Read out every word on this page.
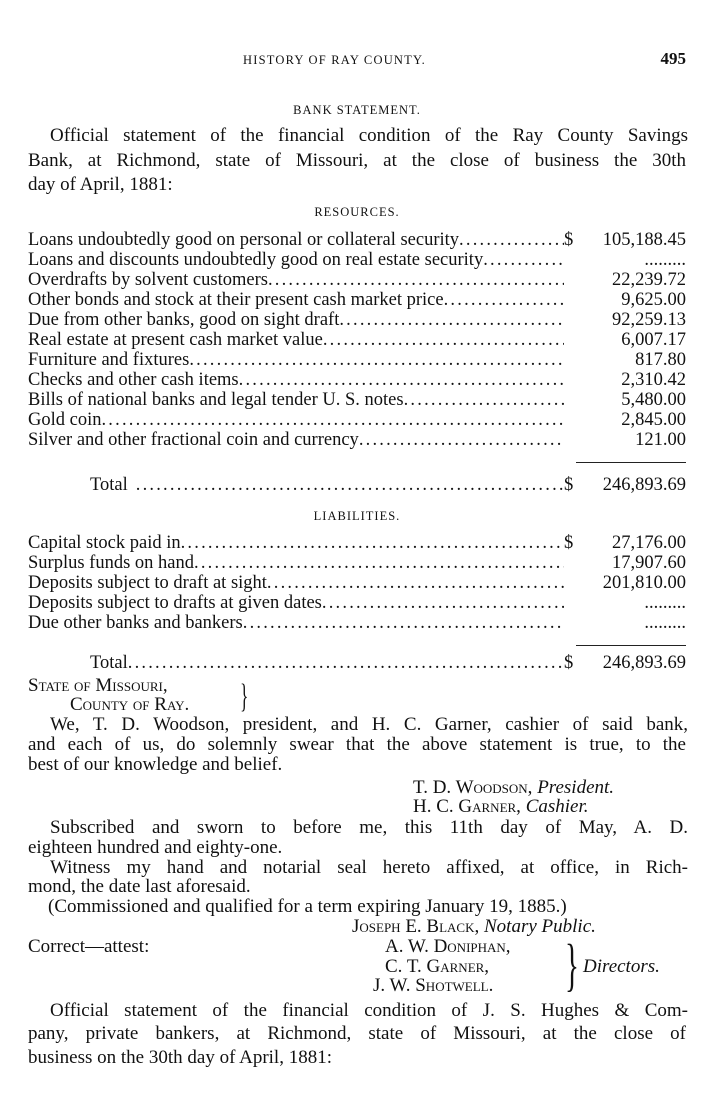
HISTORY OF RAY COUNTY.	495
BANK STATEMENT.
Official statement of the financial condition of the Ray County Savings
Bank, at Richmond, state of Missouri, at the close of business the 30th
day of April, 1881:
RESOURCES.
Loans undoubtedly good on personal or collateral security .....	$	105,188.45
Loans and discounts undoubtedly good on real estate security .....	.........
Overdrafts by solvent customers .....	22,239.72
Other bonds and stock at their present cash market price .....	9,625.00
Due from other banks, good on sight draft .....	92,259.13
Real estate at present cash market value .....	6,007.17
Furniture and fixtures .....	817.80
Checks and other cash items .....	2,310.42
Bills of national banks and legal tender U. S. notes .....	5,480.00
Gold coin .....	2,845.00
Silver and other fractional coin and currency .....	121.00
Total .....	$	246,893.69
LIABILITIES.
Capital stock paid in .....	$	27,176.00
Surplus funds on hand .....	17,907.60
Deposits subject to draft at sight .....	201,810.00
Deposits subject to drafts at given dates .....	.........
Due other banks and bankers .....	.........
Total .....	$	246,893.69
State of Missouri,
County of Ray.	}
We, T. D. Woodson, president, and H. C. Garner, cashier of said bank,
and each of us, do solemnly swear that the above statement is true, to the
best of our knowledge and belief.
T. D. Woodson, President.
H. C. Garner, Cashier.
Subscribed and sworn to before me, this 11th day of May, A. D.
eighteen hundred and eighty-one.
Witness my hand and notarial seal hereto affixed, at office, in Rich-
mond, the date last aforesaid.
(Commissioned and qualified for a term expiring January 19, 1885.)
Joseph E. Black, Notary Public.
Correct—attest:	A. W. Doniphan,
C. T. Garner,
J. W. Shotwell.	} Directors.
Official statement of the financial condition of J. S. Hughes & Com-
pany, private bankers, at Richmond, state of Missouri, at the close of
business on the 30th day of April, 1881:
